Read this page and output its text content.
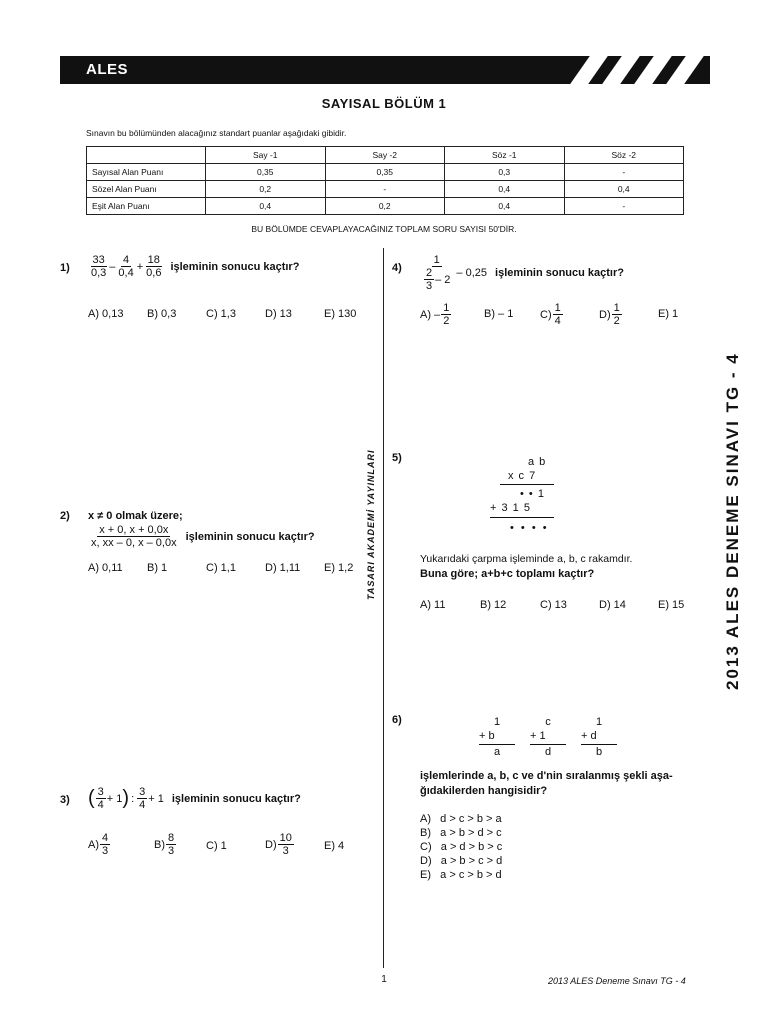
ALES
SAYISAL BÖLÜM 1
Sınavın bu bölümünden alacağınız standart puanlar aşağıdaki gibidir.
	Say -1	Say -2	Söz -1	Söz -2
Sayısal Alan Puanı	0,35	0,35	0,3	-
Sözel Alan Puanı	0,2	-	0,4	0,4
Eşit Alan Puanı	0,4	0,2	0,4	-
BU BÖLÜMDE CEVAPLAYACAĞINIZ TOPLAM SORU SAYISI 50'DİR.
TASARI AKADEMİ YAYINLARI	2013 ALES DENEME SINAVI TG - 4
$1) \frac{33}{0,3} - \frac{4}{0,4} + \frac{18}{0,6}$ işleminin sonucu kaçtır?
A) 0,13 B) 0,3	C) 1,3	D) 13	E) 130
2) x ≠ 0 olmak üzere;
$\frac{x + 0, x + 0,0x}{x, xx - 0, x - 0,0x}$ işleminin sonucu kaçtır?
A) 0,11 B) 1	C) 1,1	D) 1,11 E) 1,2
3) ( $\frac{3}{4} + 1$ ) : $\frac{3}{4} + 1$ işleminin sonucu kaçtır?
$A) \frac{4}{3}$	$B) \frac{8}{3}$	C) 1	$D) \frac{10}{3}$	E) 4
$4) \frac{1}{\frac{2}{3} - 2} - 0,25$ işleminin sonucu kaçtır?
$A) - \frac{1}{2}$	B) – 1 $C) \frac{1}{4}$	$D) \frac{1}{2}$	E) 1
5)	a b
x c 7
• • 1
+ 3 1 5
• • • •
Yukarıdaki çarpma işleminde a, b, c rakamdır.
Buna göre; a+b+c toplamı kaçtır?
A) 11	B) 12	C) 13	D) 14	E) 15
6)	1
+ b
a
c
+ 1
d
1
+ d
b
işlemlerinde a, b, c ve d'nin sıralanmış şekli aşa-
ğıdakilerden hangisidir?
A)   d > c > b > a
B)   a > b > d > c
C)   a > d > b > c
D)   a > b > c > d
E)   a > c > b > d
1	2013 ALES Deneme Sınavı TG - 4
